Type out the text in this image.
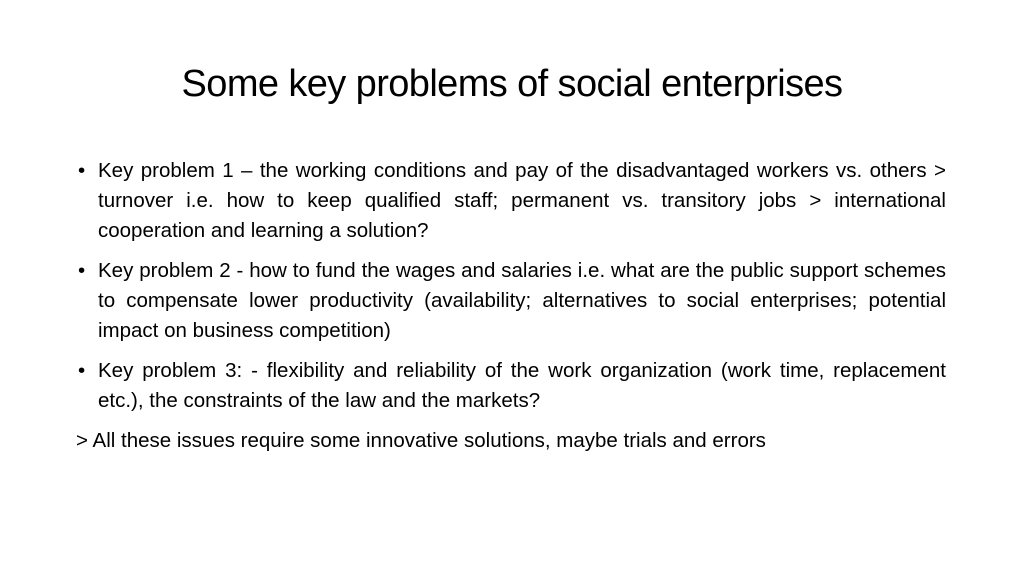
Some key problems of social enterprises
• Key problem 1 – the working conditions and pay of the disadvantaged workers vs. others > turnover i.e. how to keep qualified staff; permanent vs. transitory jobs > international cooperation and learning a solution?
• Key problem 2 - how to fund the wages and salaries i.e. what are the public support schemes to compensate lower productivity (availability; alternatives to social enterprises; potential impact on business competition)
• Key problem 3: - flexibility and reliability of the work organization (work time, replacement etc.), the constraints of the law and the markets?
> All these issues require some innovative solutions, maybe trials and errors
